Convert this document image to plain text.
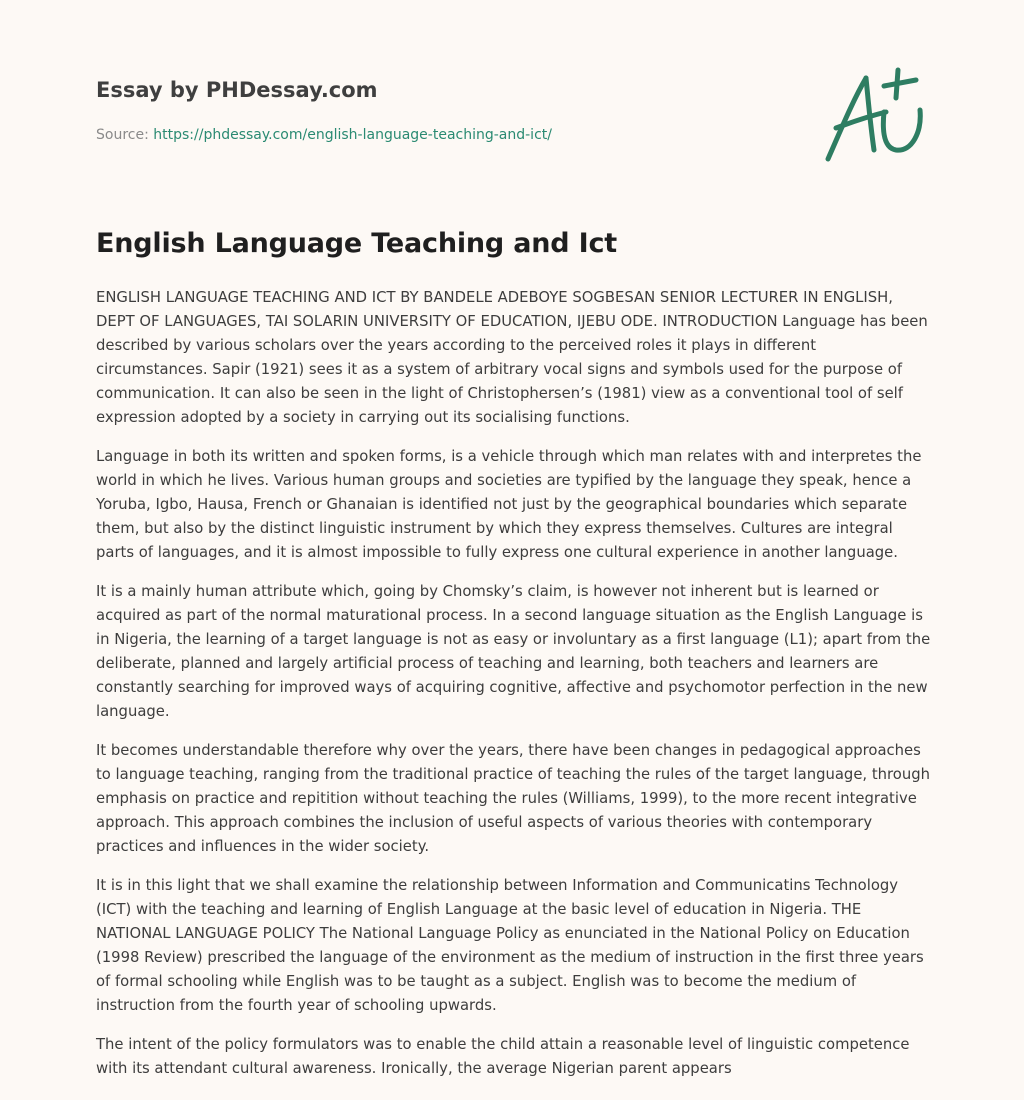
Essay by PHDessay.com
Source: https://phdessay.com/english-language-teaching-and-ict/
English Language Teaching and Ict

ENGLISH LANGUAGE TEACHING AND ICT BY BANDELE ADEBOYE SOGBESAN SENIOR LECTURER IN ENGLISH, DEPT OF LANGUAGES, TAI SOLARIN UNIVERSITY OF EDUCATION, IJEBU ODE. INTRODUCTION Language has been described by various scholars over the years according to the perceived roles it plays in different circumstances. Sapir (1921) sees it as a system of arbitrary vocal signs and symbols used for the purpose of communication. It can also be seen in the light of Christophersen’s (1981) view as a conventional tool of self expression adopted by a society in carrying out its socialising functions.

Language in both its written and spoken forms, is a vehicle through which man relates with and interpretes the world in which he lives. Various human groups and societies are typified by the language they speak, hence a Yoruba, Igbo, Hausa, French or Ghanaian is identified not just by the geographical boundaries which separate them, but also by the distinct linguistic instrument by which they express themselves. Cultures are integral parts of languages, and it is almost impossible to fully express one cultural experience in another language.

It is a mainly human attribute which, going by Chomsky’s claim, is however not inherent but is learned or acquired as part of the normal maturational process. In a second language situation as the English Language is in Nigeria, the learning of a target language is not as easy or involuntary as a first language (L1); apart from the deliberate, planned and largely artificial process of teaching and learning, both teachers and learners are constantly searching for improved ways of acquiring cognitive, affective and psychomotor perfection in the new language.

It becomes understandable therefore why over the years, there have been changes in pedagogical approaches to language teaching, ranging from the traditional practice of teaching the rules of the target language, through emphasis on practice and repitition without teaching the rules (Williams, 1999), to the more recent integrative approach. This approach combines the inclusion of useful aspects of various theories with contemporary practices and influences in the wider society.

It is in this light that we shall examine the relationship between Information and Communicatins Technology (ICT) with the teaching and learning of English Language at the basic level of education in Nigeria. THE NATIONAL LANGUAGE POLICY The National Language Policy as enunciated in the National Policy on Education (1998 Review) prescribed the language of the environment as the medium of instruction in the first three years of formal schooling while English was to be taught as a subject. English was to become the medium of instruction from the fourth year of schooling upwards.

The intent of the policy formulators was to enable the child attain a reasonable level of linguistic competence with its attendant cultural awareness. Ironically, the average Nigerian parent appears
